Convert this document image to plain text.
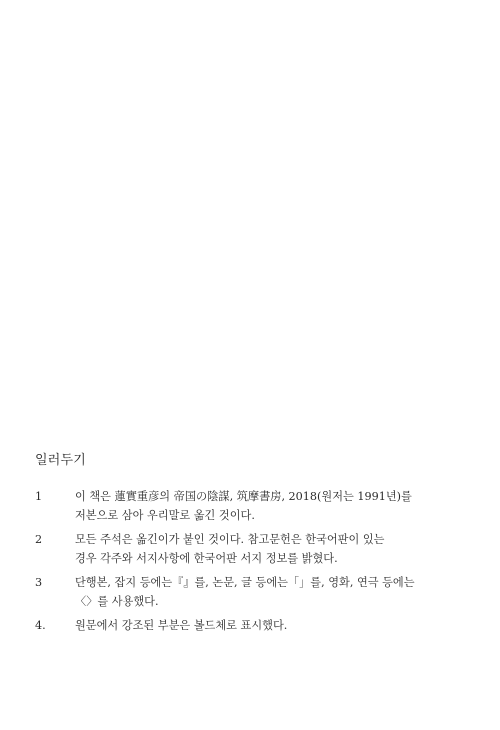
일러두기
1	이 책은 蓮實重彦의 帝国の陰謀, 筑摩書房, 2018(원저는 1991년)를
저본으로 삼아 우리말로 옮긴 것이다.
2	모든 주석은 옮긴이가 붙인 것이다. 참고문헌은 한국어판이 있는
경우 각주와 서지사항에 한국어판 서지 정보를 밝혔다.
3	단행본, 잡지 등에는『』를, 논문, 글 등에는「」를, 영화, 연극 등에는
〈〉를 사용했다.
4.	원문에서 강조된 부분은 볼드체로 표시했다.
